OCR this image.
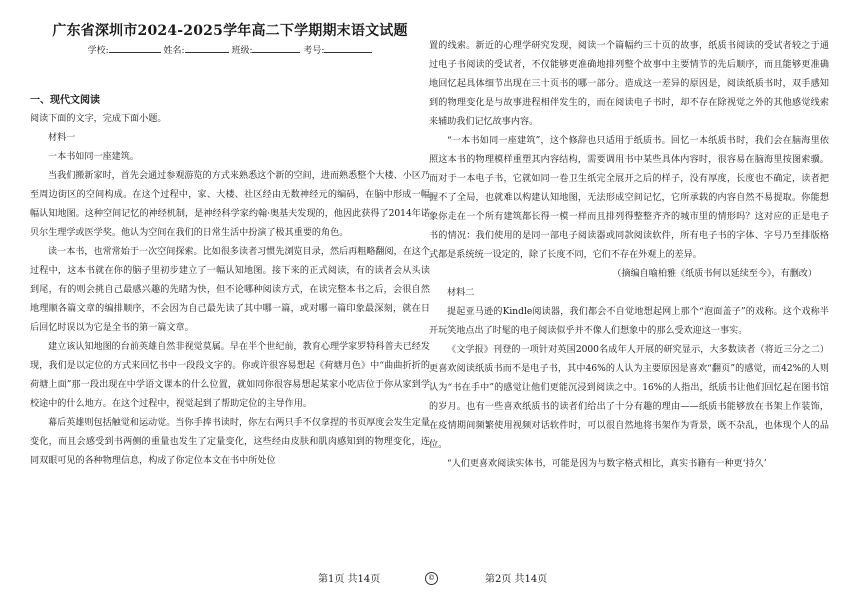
广东省深圳市2024-2025学年高二下学期期末语文试题
学校:	姓名:	班级:	考号:
一、现代文阅读

阅读下面的文字，完成下面小题。

材料一

一本书如同一座建筑。

当我们搬新家时，首先会通过参观游览的方式来熟悉这个新的空间，进而熟悉整个大楼、小区乃至周边街区的空间构成。在这个过程中，家、大楼、社区经由无数神经元的编码，在脑中形成一幅幅认知地图。这种空间记忆的神经机制，是神经科学家约翰·奥基夫发现的，他因此获得了2014年诺贝尔生理学或医学奖。他认为空间在我们的日常生活中扮演了极其重要的角色。

读一本书，也常常始于一次空间探索。比如很多读者习惯先浏览目录，然后再粗略翻阅，在这个过程中，这本书就在你的脑子里初步建立了一幅认知地图。接下来的正式阅读，有的读者会从头读到尾，有的则会挑自己最感兴趣的先睹为快，但不论哪种阅读方式，在读完整本书之后，会很自然地理顺各篇文章的编排顺序，不会因为自己最先读了其中哪一篇，或对哪一篇印象最深刻，就在日后回忆时误以为它是全书的第一篇文章。

建立该认知地图的台前英雄自然非视觉莫属。早在半个世纪前，教育心理学家罗特科普夫已经发现，我们是以定位的方式来回忆书中一段段文字的。你或许很容易想起《荷塘月色》中“曲曲折折的荷塘上面”那一段出现在中学语文课本的什么位置，就如同你很容易想起某家小吃店位于你从家到学校途中的什么地方。在这个过程中，视觉起到了帮助定位的主导作用。

幕后英雄则包括触觉和运动觉。当你手捧书读时，你左右两只手不仅拿捏的书页厚度会发生定量变化，而且会感受到书两侧的重量也发生了定量变化，这些经由皮肤和肌肉感知到的物理变化，连同双眼可见的各种物理信息，构成了你定位本文在书中所处位

置的线索。新近的心理学研究发现，阅读一个篇幅约三十页的故事，纸质书阅读的受试者较之于通过电子书阅读的受试者，不仅能够更准确地排列整个故事中主要情节的先后顺序，而且能够更准确地回忆起具体细节出现在三十页书的哪一部分。造成这一差异的原因是，阅读纸质书时，双手感知到的物理变化是与故事进程相伴发生的，而在阅读电子书时，却不存在除视觉之外的其他感觉线索来辅助我们记忆故事内容。

“一本书如同一座建筑”，这个修辞也只适用于纸质书。回忆一本纸质书时，我们会在脑海里依照这本书的物理模样重塑其内容结构，需要调用书中某些具体内容时，很容易在脑海里按图索骥。而对于一本电子书，它就如同一卷卫生纸完全展开之后的样子，没有厚度，长度也不确定，读者把握不了全局，也就难以构建认知地图，无法形成空间记忆，它所承载的内容自然不易提取。你能想象你走在一个所有建筑都长得一模一样而且排列得整整齐齐的城市里的情形吗？这对应的正是电子书的情况：我们使用的是同一部电子阅读器或同款阅读软件，所有电子书的字体、字号乃至排版格式都是系统统一设定的，除了长度不同，它们不存在外观上的差异。

（摘编自喻柏雅《纸质书何以延续至今》，有删改）

材料二

提起亚马逊的Kindle阅读器，我们都会不自觉地想起网上那个“泡面盖子”的戏称。这个戏称半开玩笑地点出了时髦的电子阅读似乎并不像人们想象中的那么受欢迎这一事实。

《文学报》刊登的一项针对英国2000名成年人开展的研究显示，大多数读者（将近三分之二）更喜欢阅读纸质书而不是电子书，其中46%的人认为主要原因是喜欢“翻页”的感觉，而42%的人则认为“书在手中”的感觉让他们更能沉浸到阅读之中。16%的人指出，纸质书让他们回忆起在图书馆的岁月。也有一些喜欢纸质书的读者们给出了十分有趣的理由——纸质书能够放在书架上作装饰，在疫情期间频繁使用视频对话软件时，可以很自然地将书架作为背景，既不杂乱，也体现个人的品位。

“人们更喜欢阅读实体书，可能是因为与数字格式相比，真实书籍有一种更‘持久’

第1页 共14页	©	第2页 共14页
